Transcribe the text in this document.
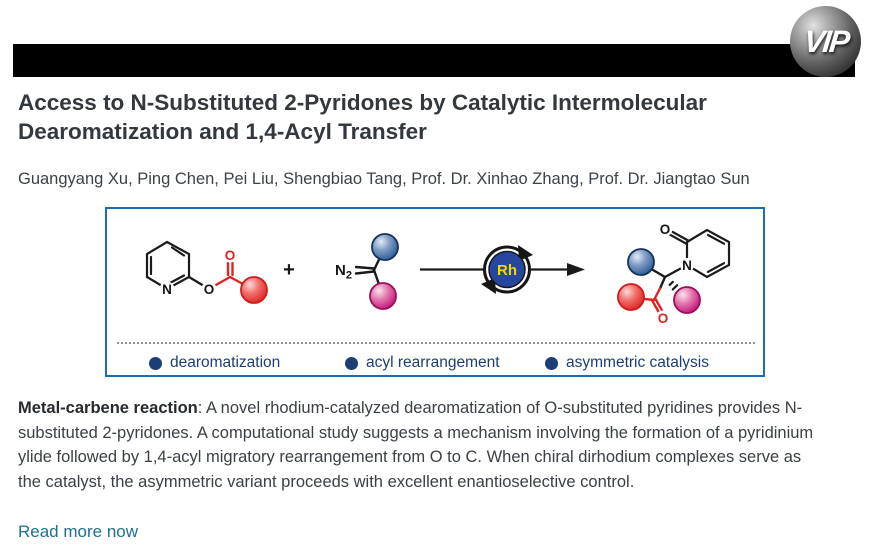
VIP
Access to N-Substituted 2-Pyridones by Catalytic Intermolecular Dearomatization and 1,4-Acyl Transfer

Guangyang Xu, Ping Chen, Pei Liu, Shengbiao Tang, Prof. Dr. Xinhao Zhang, Prof. Dr. Jiangtao Sun

N O
O
+	$N_2$	Rh
O
N
O
dearomatization	acyl rearrangement	asymmetric catalysis

Metal-carbene reaction: A novel rhodium-catalyzed dearomatization of O-substituted pyridines provides N-substituted 2-pyridones. A computational study suggests a mechanism involving the formation of a pyridinium ylide followed by 1,4-acyl migratory rearrangement from O to C. When chiral dirhodium complexes serve as the catalyst, the asymmetric variant proceeds with excellent enantioselective control.

Read more now
